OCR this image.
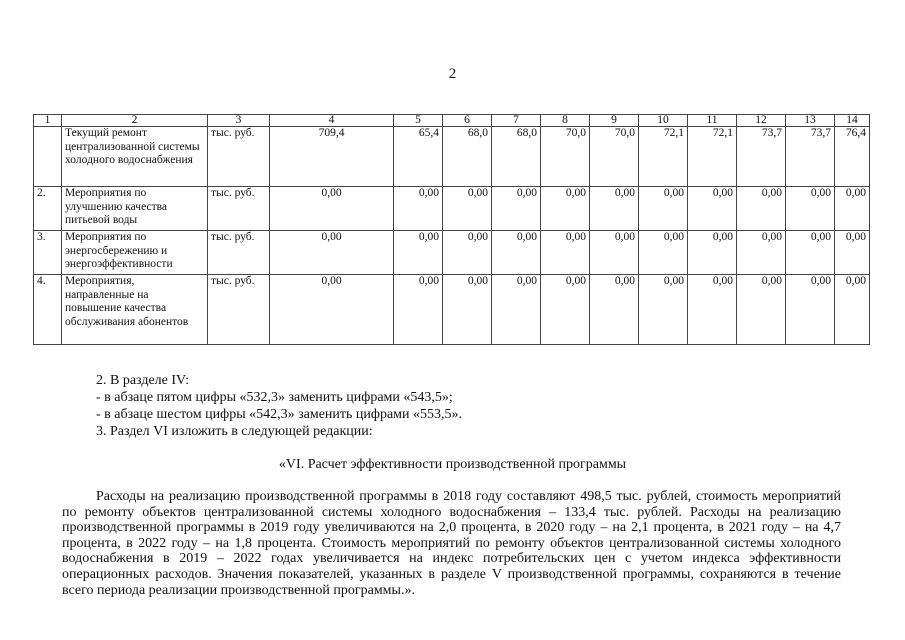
2
1	2	3	4	5	6	7	8	9	10	11	12	13	14
	Текущий ремонт централизованной системы холодного водоснабжения	тыс. руб.	709,4	65,4	68,0	68,0	70,0	70,0	72,1	72,1	73,7	73,7	76,4
2.	Мероприятия по улучшению качества питьевой воды	тыс. руб.	0,00	0,00	0,00	0,00	0,00	0,00	0,00	0,00	0,00	0,00	0,00
3.	Мероприятия по энергосбережению и энергоэффективности	тыс. руб.	0,00	0,00	0,00	0,00	0,00	0,00	0,00	0,00	0,00	0,00	0,00
4.	Мероприятия, направленные на повышение качества обслуживания абонентов	тыс. руб.	0,00	0,00	0,00	0,00	0,00	0,00	0,00	0,00	0,00	0,00	0,00
2. В разделе IV:
- в абзаце пятом цифры «532,3» заменить цифрами «543,5»;
- в абзаце шестом цифры «542,3» заменить цифрами «553,5».
3. Раздел VI изложить в следующей редакции:
«VI. Расчет эффективности производственной программы
Расходы на реализацию производственной программы в 2018 году составляют 498,5 тыс. рублей, стоимость мероприятий по ремонту объектов централизованной системы холодного водоснабжения – 133,4 тыс. рублей. Расходы на реализацию производственной программы в 2019 году увеличиваются на 2,0 процента, в 2020 году – на 2,1 процента, в 2021 году – на 4,7 процента, в 2022 году – на 1,8 процента. Стоимость мероприятий по ремонту объектов централизованной системы холодного водоснабжения в 2019 – 2022 годах увеличивается на индекс потребительских цен с учетом индекса эффективности операционных расходов. Значения показателей, указанных в разделе V производственной программы, сохраняются в течение всего периода реализации производственной программы.».
